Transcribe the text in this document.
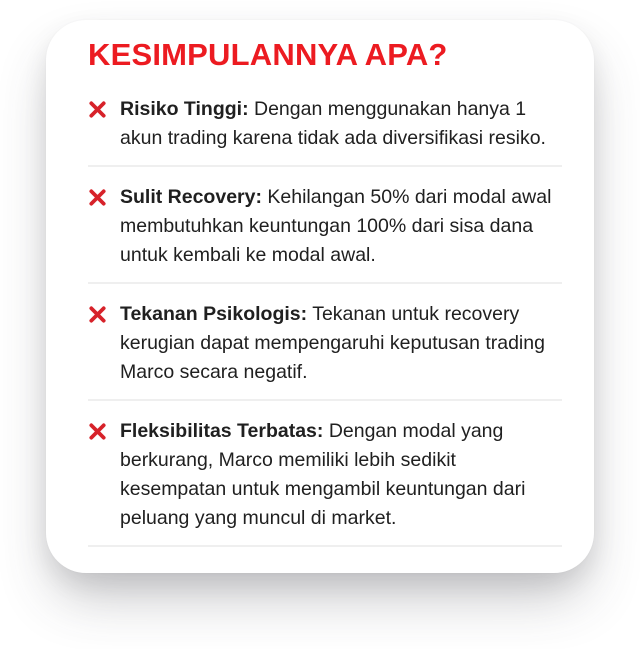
KESIMPULANNYA APA?

Risiko Tinggi: Dengan menggunakan hanya 1 akun trading karena tidak ada diversifikasi resiko.

Sulit Recovery: Kehilangan 50% dari modal awal membutuhkan keuntungan 100% dari sisa dana untuk kembali ke modal awal.

Tekanan Psikologis: Tekanan untuk recovery kerugian dapat mempengaruhi keputusan trading Marco secara negatif.

Fleksibilitas Terbatas: Dengan modal yang berkurang, Marco memiliki lebih sedikit kesempatan untuk mengambil keuntungan dari peluang yang muncul di market.
